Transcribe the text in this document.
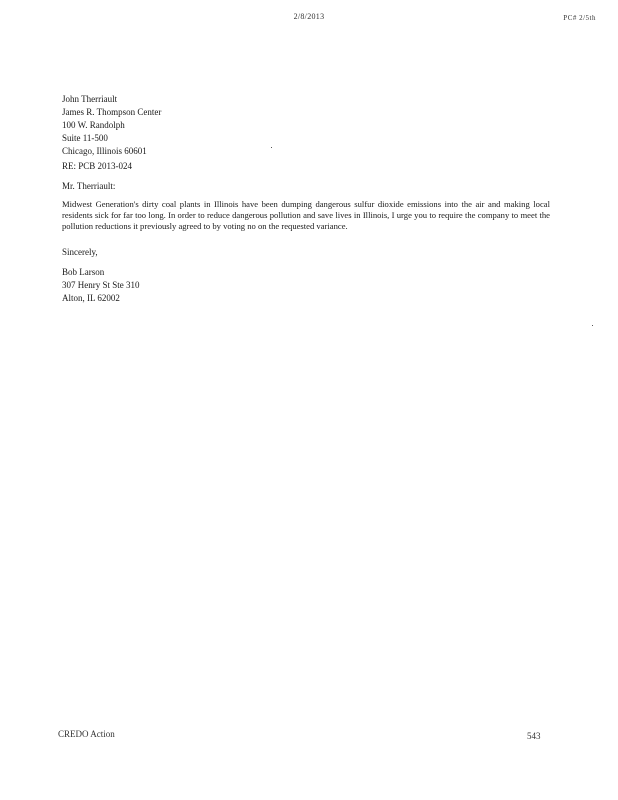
2/8/2013	PC# 2/5th
John Therriault
James R. Thompson Center
100 W. Randolph
Suite 11-500
Chicago, Illinois 60601
RE: PCB 2013-024
Mr. Therriault:
Midwest Generation's dirty coal plants in Illinois have been dumping dangerous sulfur dioxide emissions into the air and making local residents sick for far too long. In order to reduce dangerous pollution and save lives in Illinois, I urge you to require the company to meet the pollution reductions it previously agreed to by voting no on the requested variance.
Sincerely,
Bob Larson
307 Henry St Ste 310
Alton, IL 62002
CREDO Action	543
